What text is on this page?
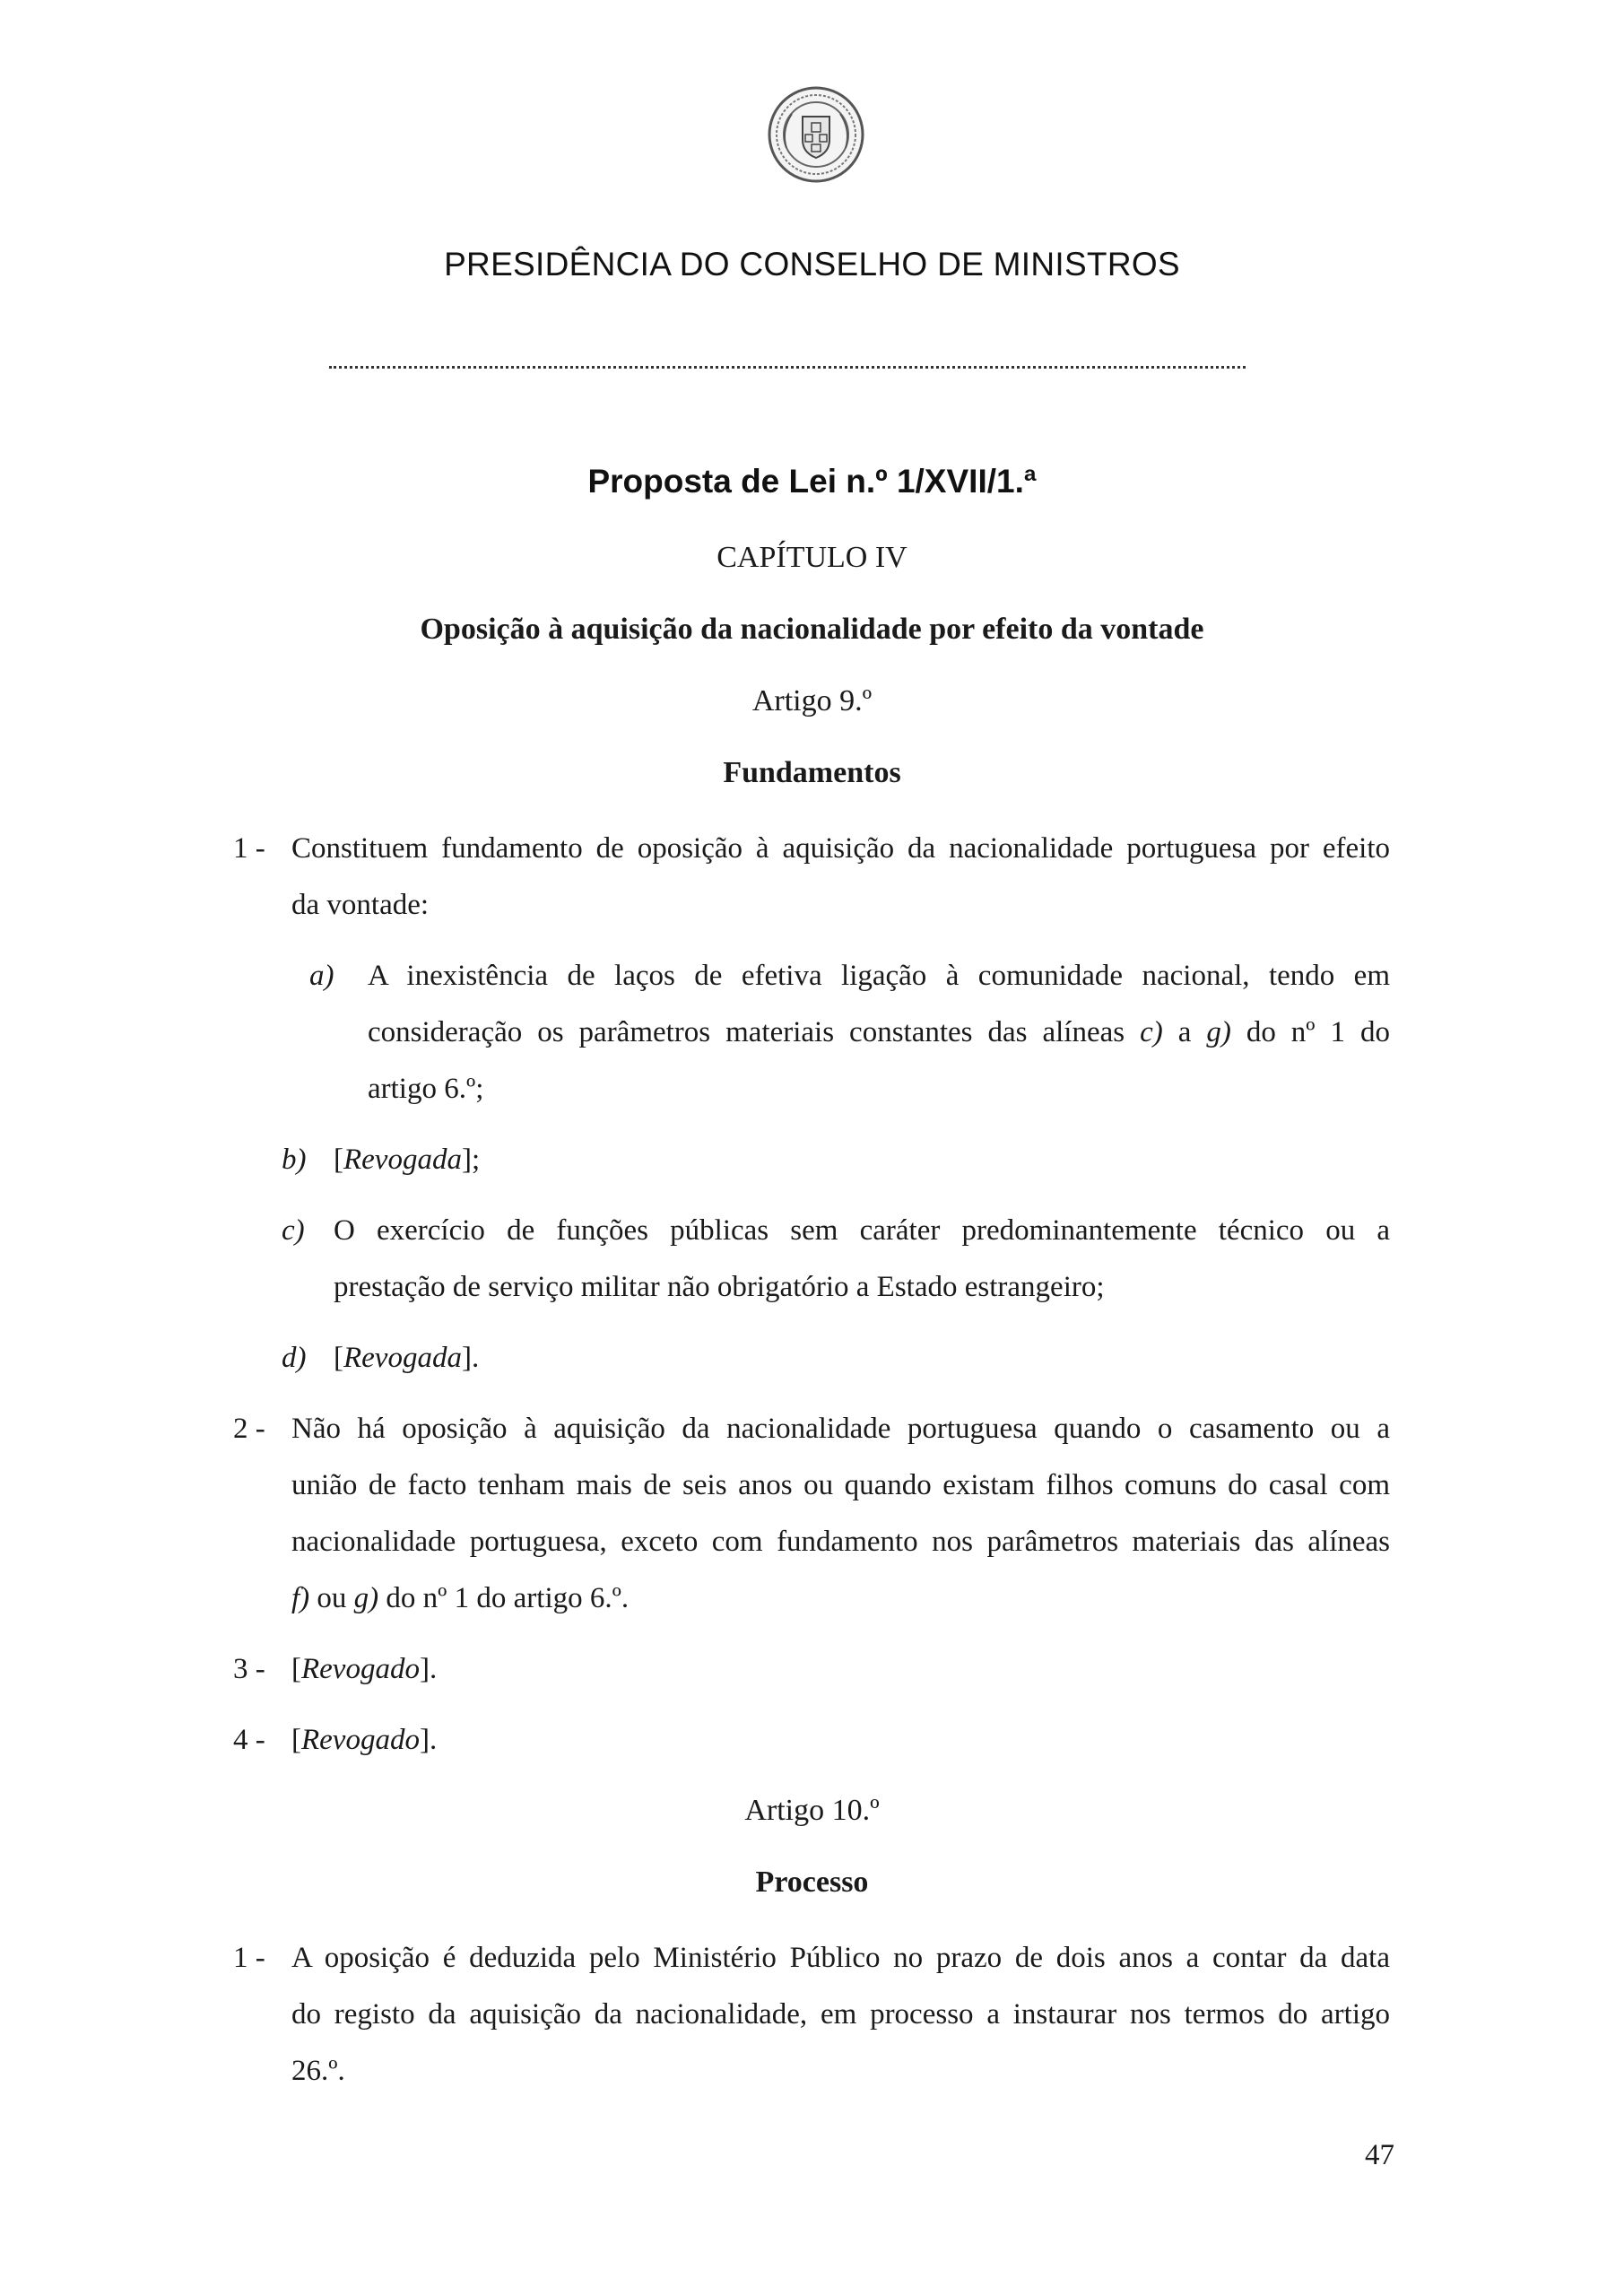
PRESIDÊNCIA DO CONSELHO DE MINISTROS
Proposta de Lei n.º 1/XVII/1.ª
CAPÍTULO IV
Oposição à aquisição da nacionalidade por efeito da vontade
Artigo 9.º
Fundamentos
1 - Constituem fundamento de oposição à aquisição da nacionalidade portuguesa por efeito
da vontade:
a) A inexistência de laços de efetiva ligação à comunidade nacional, tendo em
consideração os parâmetros materiais constantes das alíneas c) a g) do nº 1 do
artigo 6.º;
b) [Revogada];
c) O exercício de funções públicas sem caráter predominantemente técnico ou a
prestação de serviço militar não obrigatório a Estado estrangeiro;
d) [Revogada].
2 - Não há oposição à aquisição da nacionalidade portuguesa quando o casamento ou a
união de facto tenham mais de seis anos ou quando existam filhos comuns do casal com
nacionalidade portuguesa, exceto com fundamento nos parâmetros materiais das alíneas
f) ou g) do nº 1 do artigo 6.º.
3 - [Revogado].
4 - [Revogado].
Artigo 10.º
Processo
1 - A oposição é deduzida pelo Ministério Público no prazo de dois anos a contar da data
do registo da aquisição da nacionalidade, em processo a instaurar nos termos do artigo
26.º.
47
